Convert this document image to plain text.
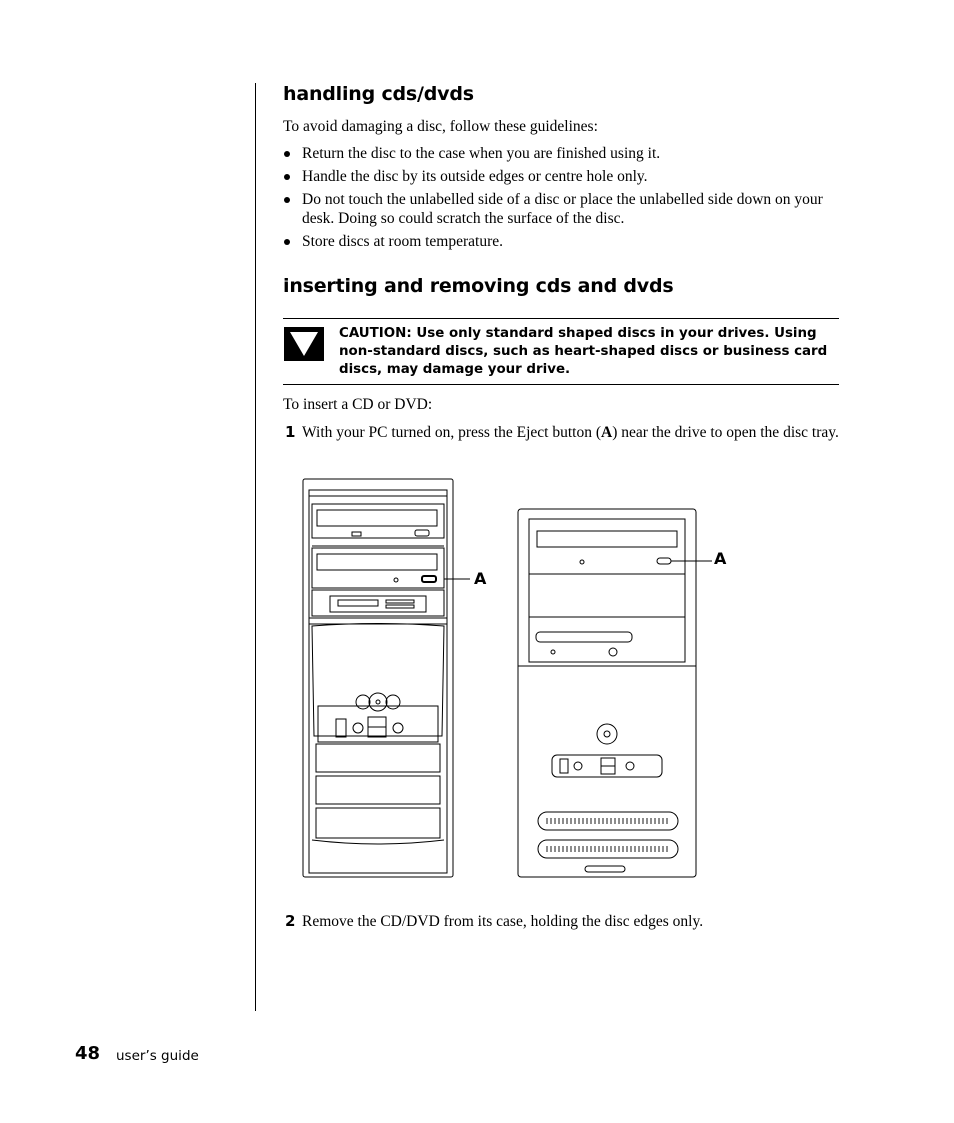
handling cds/dvds

To avoid damaging a disc, follow these guidelines:

Return the disc to the case when you are finished using it.
Handle the disc by its outside edges or centre hole only.
Do not touch the unlabelled side of a disc or place the unlabelled side down on your desk. Doing so could scratch the surface of the disc.
Store discs at room temperature.
inserting and removing cds and dvds
CAUTION: Use only standard shaped discs in your drives. Using non-standard discs, such as heart-shaped discs or business card discs, may damage your drive.

To insert a CD or DVD:

1 With your PC turned on, press the Eject button (A) near the drive to open the disc tray.

A
A
2 Remove the CD/DVD from its case, holding the disc edges only.

48 user’s guide
